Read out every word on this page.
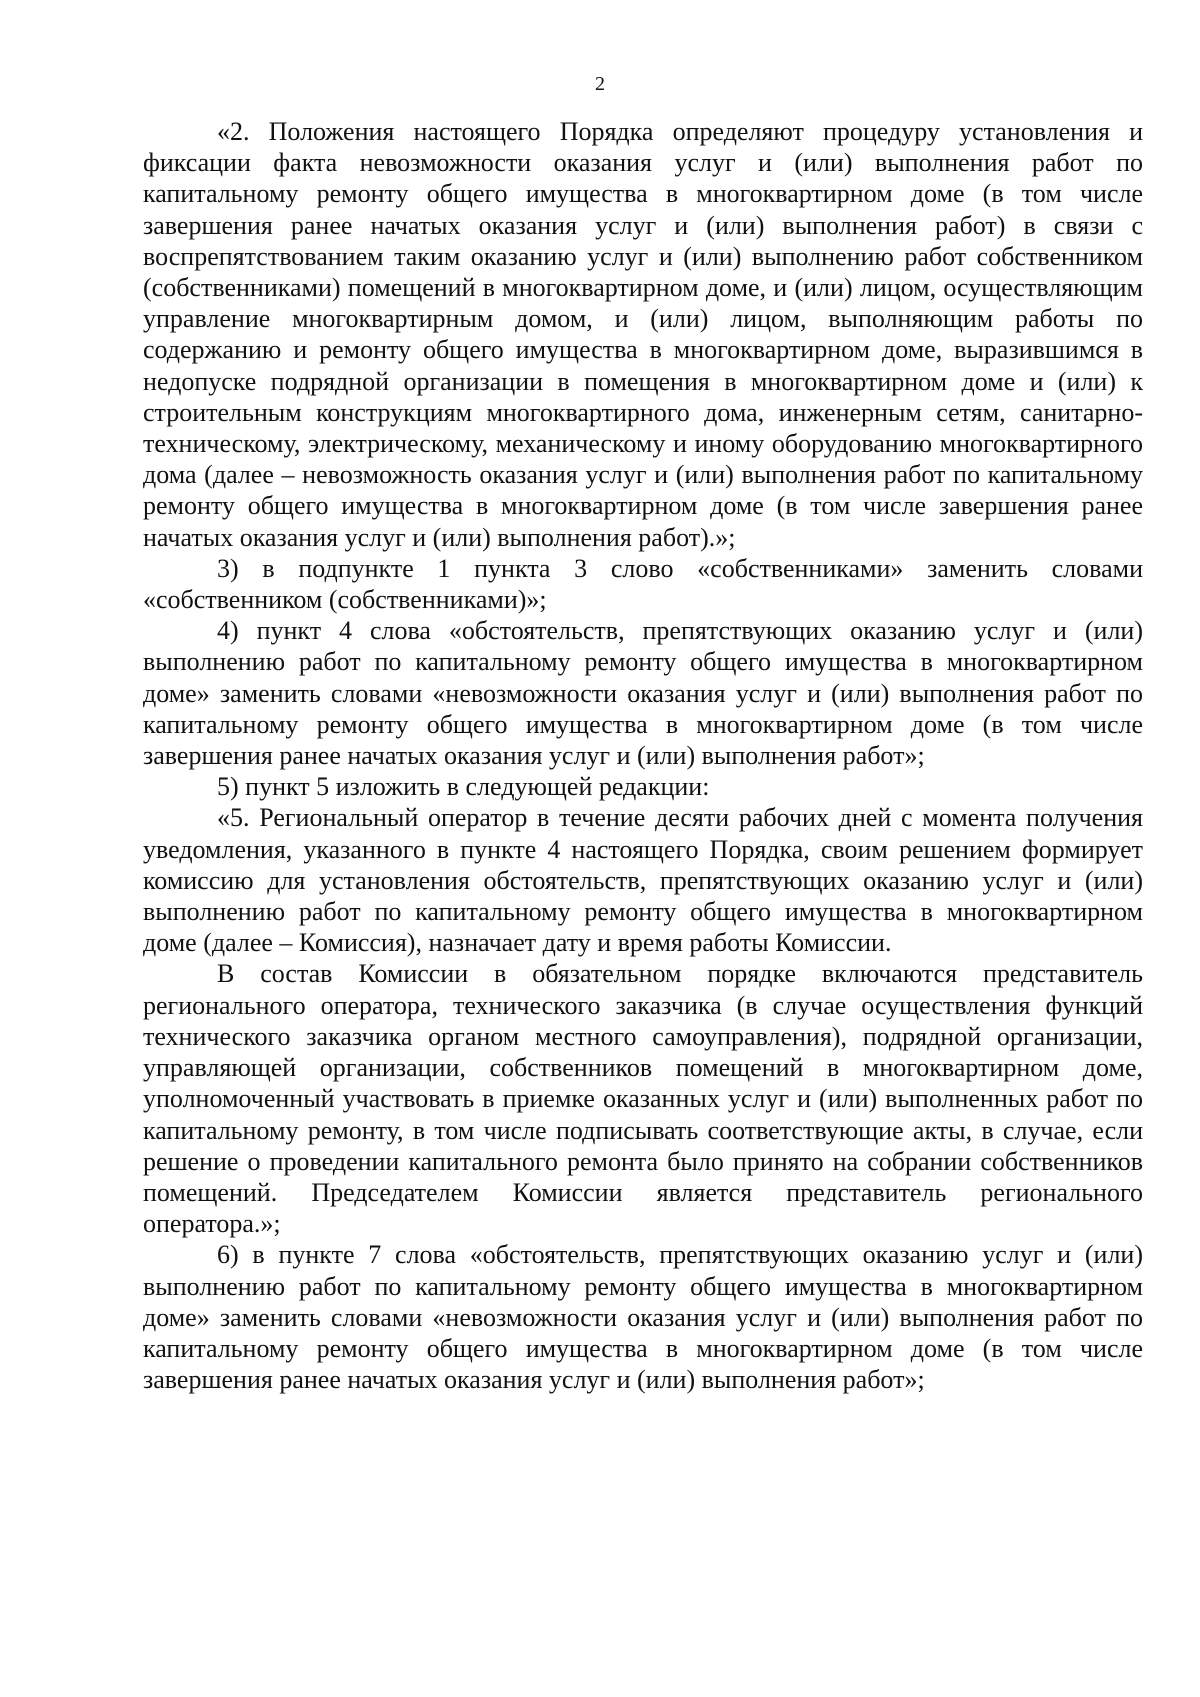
2

«2. Положения настоящего Порядка определяют процедуру установления и фиксации факта невозможности оказания услуг и (или) выполнения работ по капитальному ремонту общего имущества в многоквартирном доме (в том числе завершения ранее начатых оказания услуг и (или) выполнения работ) в связи с воспрепятствованием таким оказанию услуг и (или) выполнению работ собственником (собственниками) помещений в многоквартирном доме, и (или) лицом, осуществляющим управление многоквартирным домом, и (или) лицом, выполняющим работы по содержанию и ремонту общего имущества в многоквартирном доме, выразившимся в недопуске подрядной организации в помещения в многоквартирном доме и (или) к строительным конструкциям многоквартирного дома, инженерным сетям, санитарно-техническому, электрическому, механическому и иному оборудованию многоквартирного дома (далее – невозможность оказания услуг и (или) выполнения работ по капитальному ремонту общего имущества в многоквартирном доме (в том числе завершения ранее начатых оказания услуг и (или) выполнения работ).»;

3) в подпункте 1 пункта 3 слово «собственниками» заменить словами «собственником (собственниками)»;

4) пункт 4 слова «обстоятельств, препятствующих оказанию услуг и (или) выполнению работ по капитальному ремонту общего имущества в многоквартирном доме» заменить словами «невозможности оказания услуг и (или) выполнения работ по капитальному ремонту общего имущества в многоквартирном доме (в том числе завершения ранее начатых оказания услуг и (или) выполнения работ»;

5) пункт 5 изложить в следующей редакции:

«5. Региональный оператор в течение десяти рабочих дней с момента получения уведомления, указанного в пункте 4 настоящего Порядка, своим решением формирует комиссию для установления обстоятельств, препятствующих оказанию услуг и (или) выполнению работ по капитальному ремонту общего имущества в многоквартирном доме (далее – Комиссия), назначает дату и время работы Комиссии.

В состав Комиссии в обязательном порядке включаются представитель регионального оператора, технического заказчика (в случае осуществления функций технического заказчика органом местного самоуправления), подрядной организации, управляющей организации, собственников помещений в многоквартирном доме, уполномоченный участвовать в приемке оказанных услуг и (или) выполненных работ по капитальному ремонту, в том числе подписывать соответствующие акты, в случае, если решение о проведении капитального ремонта было принято на собрании собственников помещений. Председателем Комиссии является представитель регионального оператора.»;

6) в пункте 7 слова «обстоятельств, препятствующих оказанию услуг и (или) выполнению работ по капитальному ремонту общего имущества в многоквартирном доме» заменить словами «невозможности оказания услуг и (или) выполнения работ по капитальному ремонту общего имущества в многоквартирном доме (в том числе завершения ранее начатых оказания услуг и (или) выполнения работ»;
